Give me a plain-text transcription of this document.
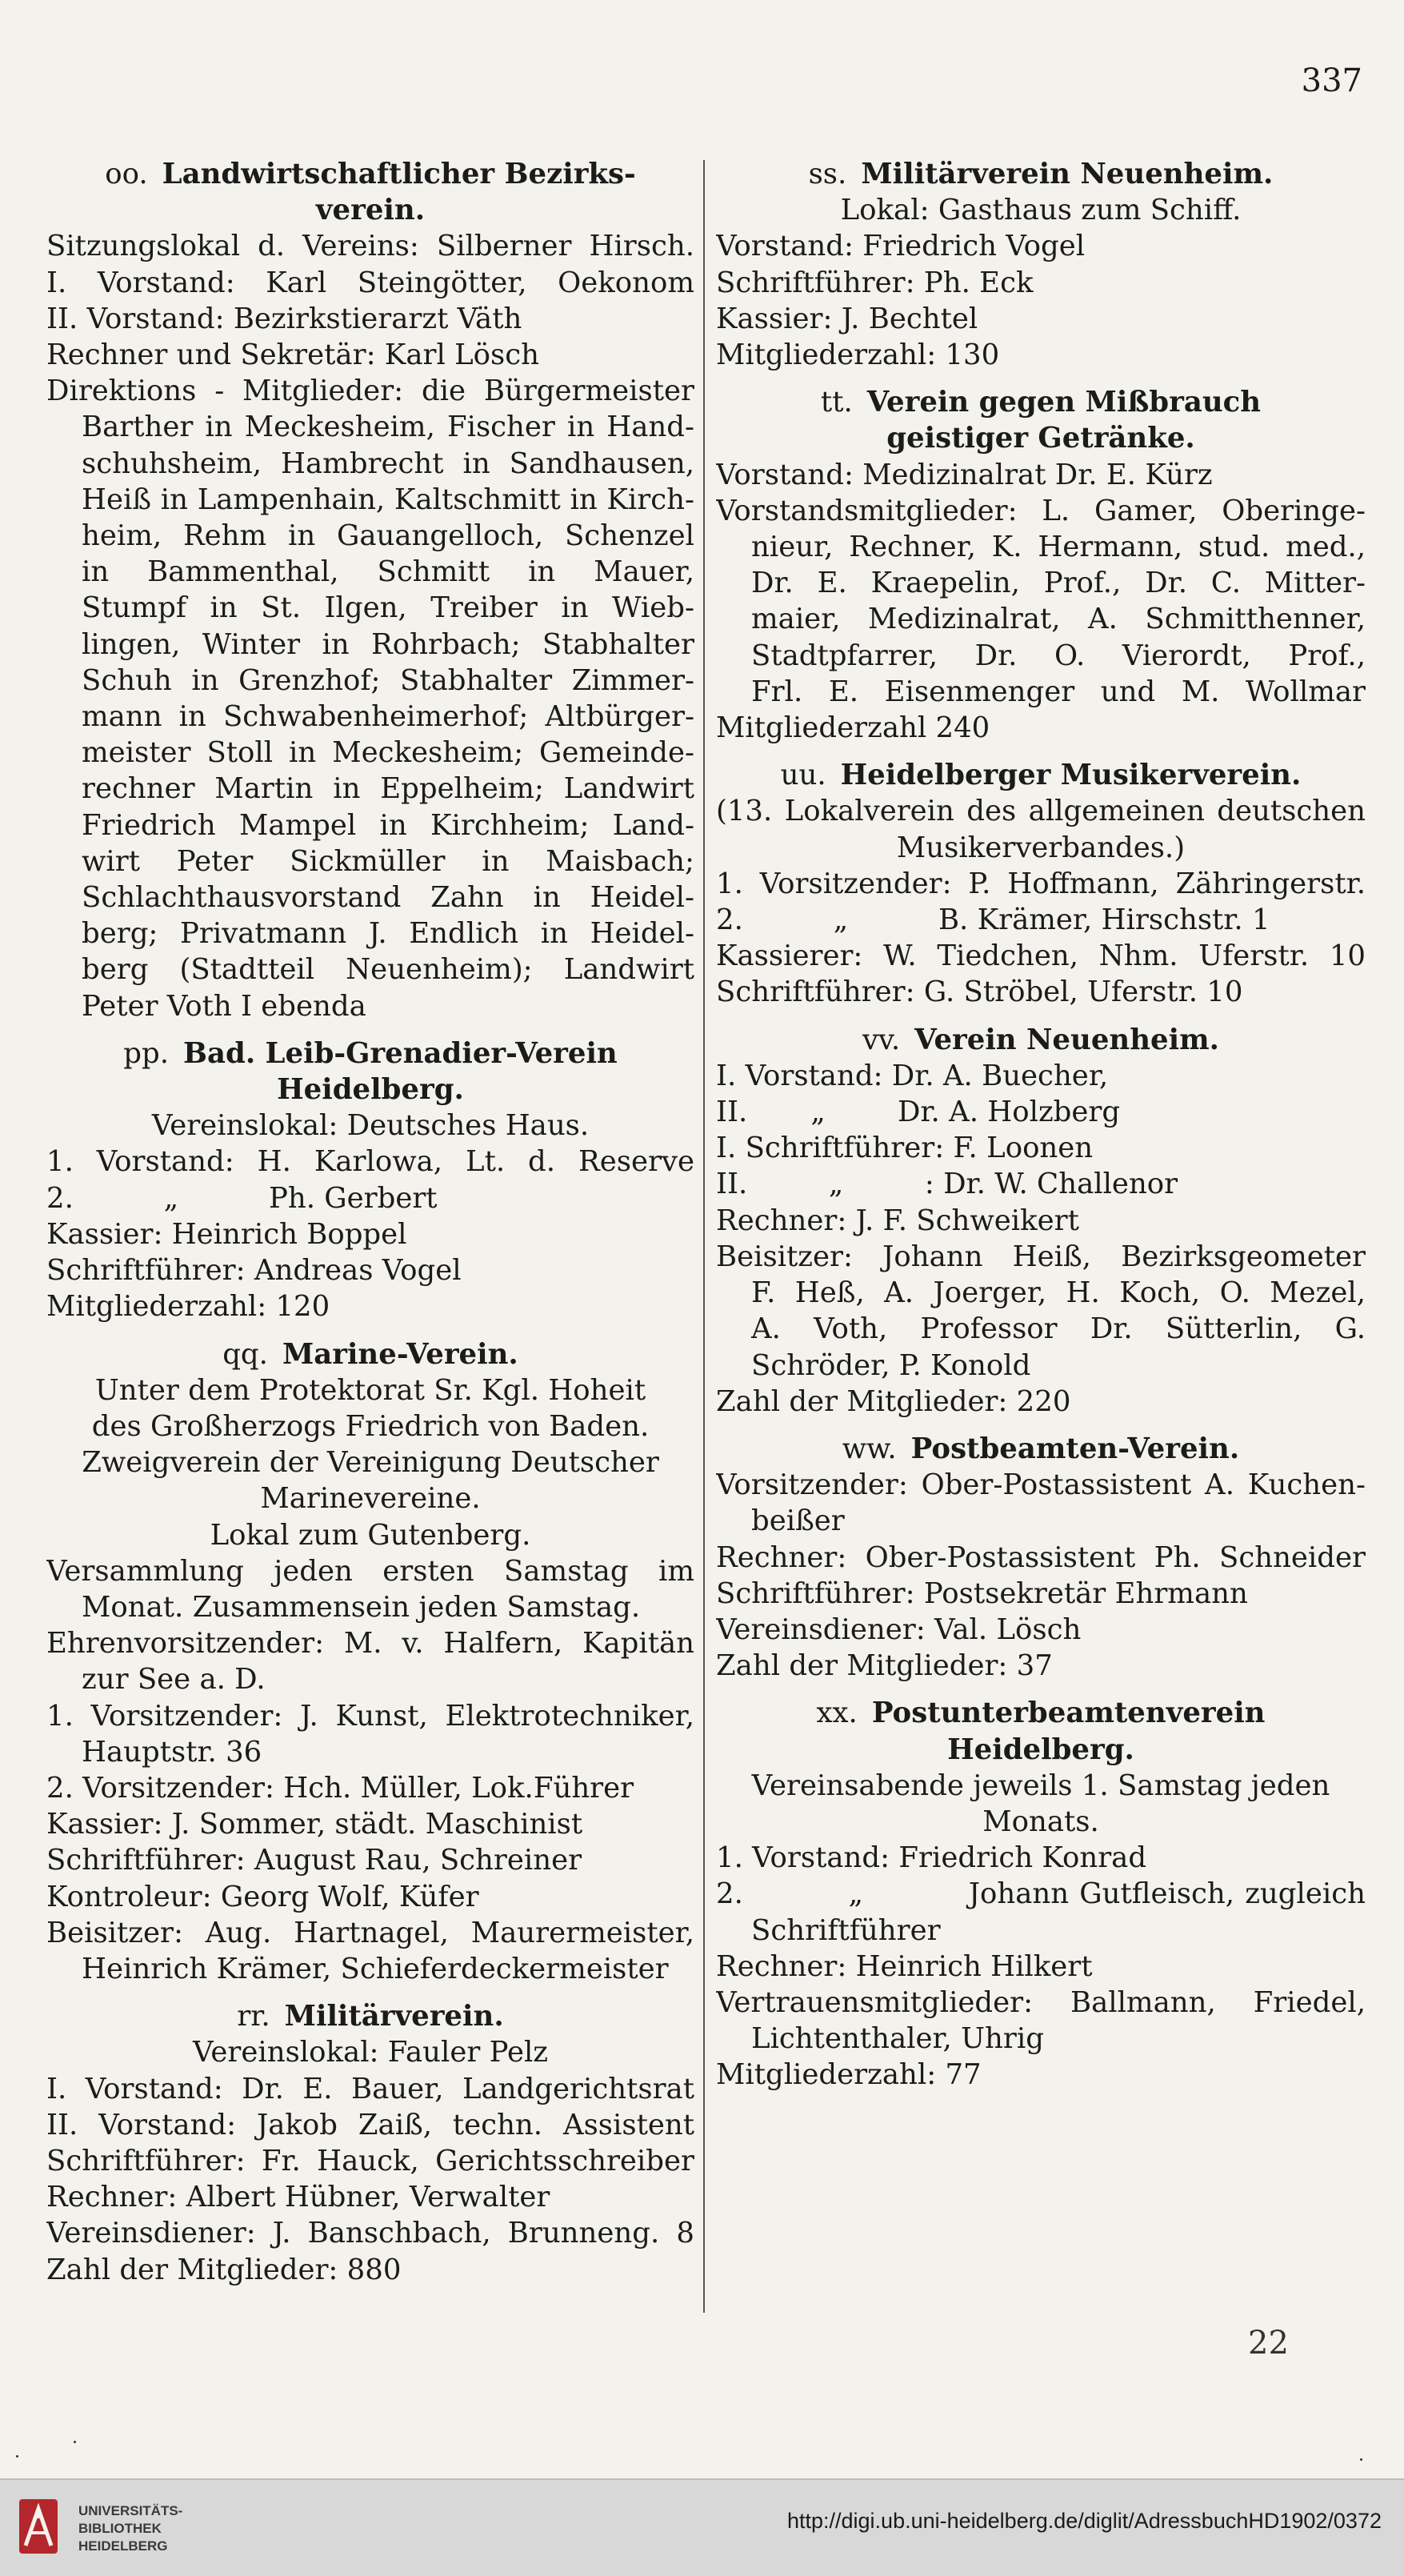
337
oo. Landwirtschaftlicher Bezirks-
verein.
Sitzungslokal d. Vereins: Silberner Hirsch.
I. Vorstand: Karl Steingötter, Oekonom
II. Vorstand: Bezirkstierarzt Väth
Rechner und Sekretär: Karl Lösch
Direktions - Mitglieder: die Bürgermeister
Barther in Meckesheim, Fischer in Hand-
schuhsheim, Hambrecht in Sandhausen,
Heiß in Lampenhain, Kaltschmitt in Kirch-
heim, Rehm in Gauangelloch, Schenzel
in Bammenthal, Schmitt in Mauer,
Stumpf in St. Ilgen, Treiber in Wieb-
lingen, Winter in Rohrbach; Stabhalter
Schuh in Grenzhof; Stabhalter Zimmer-
mann in Schwabenheimerhof; Altbürger-
meister Stoll in Meckesheim; Gemeinde-
rechner Martin in Eppelheim; Landwirt
Friedrich Mampel in Kirchheim; Land-
wirt Peter Sickmüller in Maisbach;
Schlachthausvorstand Zahn in Heidel-
berg; Privatmann J. Endlich in Heidel-
berg (Stadtteil Neuenheim); Landwirt
Peter Voth I ebenda
pp. Bad. Leib-Grenadier-Verein
Heidelberg.
Vereinslokal: Deutsches Haus.
1. Vorstand: H. Karlowa, Lt. d. Reserve
2.          „          Ph. Gerbert
Kassier: Heinrich Boppel
Schriftführer: Andreas Vogel
Mitgliederzahl: 120
qq. Marine-Verein.
Unter dem Protektorat Sr. Kgl. Hoheit
des Großherzogs Friedrich von Baden.
Zweigverein der Vereinigung Deutscher
Marinevereine.
Lokal zum Gutenberg.
Versammlung jeden ersten Samstag im
Monat. Zusammensein jeden Samstag.
Ehrenvorsitzender: M. v. Halfern, Kapitän
zur See a. D.
1. Vorsitzender: J. Kunst, Elektrotechniker,
Hauptstr. 36
2. Vorsitzender: Hch. Müller, Lok.Führer
Kassier: J. Sommer, städt. Maschinist
Schriftführer: August Rau, Schreiner
Kontroleur: Georg Wolf, Küfer
Beisitzer: Aug. Hartnagel, Maurermeister,
Heinrich Krämer, Schieferdeckermeister
rr. Militärverein.
Vereinslokal: Fauler Pelz
I. Vorstand: Dr. E. Bauer, Landgerichtsrat
II. Vorstand: Jakob Zaiß, techn. Assistent
Schriftführer: Fr. Hauck, Gerichtsschreiber
Rechner: Albert Hübner, Verwalter
Vereinsdiener: J. Banschbach, Brunneng. 8
Zahl der Mitglieder: 880
ss. Militärverein Neuenheim.
Lokal: Gasthaus zum Schiff.
Vorstand: Friedrich Vogel
Schriftführer: Ph. Eck
Kassier: J. Bechtel
Mitgliederzahl: 130
tt. Verein gegen Mißbrauch
geistiger Getränke.
Vorstand: Medizinalrat Dr. E. Kürz
Vorstandsmitglieder: L. Gamer, Oberinge-
nieur, Rechner, K. Hermann, stud. med.,
Dr. E. Kraepelin, Prof., Dr. C. Mitter-
maier, Medizinalrat, A. Schmitthenner,
Stadtpfarrer, Dr. O. Vierordt, Prof.,
Frl. E. Eisenmenger und M. Wollmar
Mitgliederzahl 240
uu. Heidelberger Musikerverein.
(13. Lokalverein des allgemeinen deutschen
Musikerverbandes.)
1. Vorsitzender: P. Hoffmann, Zähringerstr.
2.          „          B. Krämer, Hirschstr. 1
Kassierer: W. Tiedchen, Nhm. Uferstr. 10
Schriftführer: G. Ströbel, Uferstr. 10
vv. Verein Neuenheim.
I. Vorstand: Dr. A. Buecher,
II.       „        Dr. A. Holzberg
I. Schriftführer: F. Loonen
II.         „         : Dr. W. Challenor
Rechner: J. F. Schweikert
Beisitzer: Johann Heiß, Bezirksgeometer
F. Heß, A. Joerger, H. Koch, O. Mezel,
A. Voth, Professor Dr. Sütterlin, G.
Schröder, P. Konold
Zahl der Mitglieder: 220
ww. Postbeamten-Verein.
Vorsitzender: Ober-Postassistent A. Kuchen-
beißer
Rechner: Ober-Postassistent Ph. Schneider
Schriftführer: Postsekretär Ehrmann
Vereinsdiener: Val. Lösch
Zahl der Mitglieder: 37
xx. Postunterbeamtenverein
Heidelberg.
Vereinsabende jeweils 1. Samstag jeden
Monats.
1. Vorstand: Friedrich Konrad
2.          „          Johann Gutfleisch, zugleich
Schriftführer
Rechner: Heinrich Hilkert
Vertrauensmitglieder: Ballmann, Friedel,
Lichtenthaler, Uhrig
Mitgliederzahl: 77
22
UNIVERSITÄTS-
BIBLIOTHEK
HEIDELBERG
http://digi.ub.uni-heidelberg.de/diglit/AdressbuchHD1902/0372
